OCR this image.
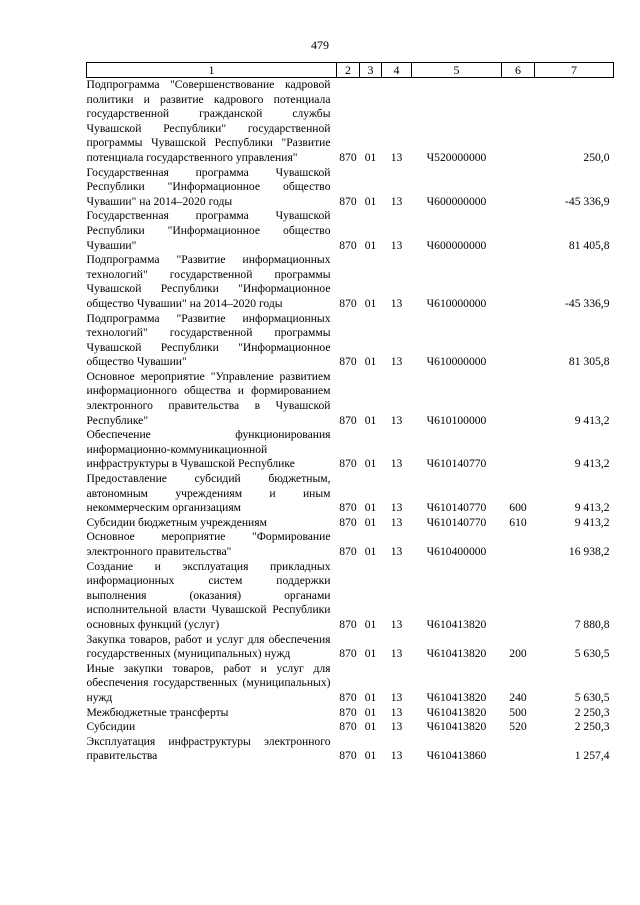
479
1	2	3	4	5	6	7
Подпрограмма "Совершенствование кадровой политики и развитие кадрового потенциала государственной гражданской службы Чувашской Республики" государственной программы Чувашской Республики "Развитие потенциала государственного управления"	870	01	13	Ч520000000		250,0
Государственная программа Чувашской Республики "Информационное общество Чувашии" на 2014–2020 годы	870	01	13	Ч600000000		-45 336,9
Государственная программа Чувашской Республики "Информационное общество Чувашии"	870	01	13	Ч600000000		81 405,8
Подпрограмма "Развитие информационных технологий" государственной программы Чувашской Республики "Информационное общество Чувашии" на 2014–2020 годы	870	01	13	Ч610000000		-45 336,9
Подпрограмма "Развитие информационных технологий" государственной программы Чувашской Республики "Информационное общество Чувашии"	870	01	13	Ч610000000		81 305,8
Основное мероприятие "Управление развитием информационного общества и формированием электронного правительства в Чувашской Республике"	870	01	13	Ч610100000		9 413,2
Обеспечение функционирования информационно-коммуникационной инфраструктуры в Чувашской Республике	870	01	13	Ч610140770		9 413,2
Предоставление субсидий бюджетным, автономным учреждениям и иным некоммерческим организациям	870	01	13	Ч610140770	600	9 413,2
Субсидии бюджетным учреждениям	870	01	13	Ч610140770	610	9 413,2
Основное мероприятие "Формирование электронного правительства"	870	01	13	Ч610400000		16 938,2
Создание и эксплуатация прикладных информационных систем поддержки выполнения (оказания) органами исполнительной власти Чувашской Республики основных функций (услуг)	870	01	13	Ч610413820		7 880,8
Закупка товаров, работ и услуг для обеспечения государственных (муниципальных) нужд	870	01	13	Ч610413820	200	5 630,5
Иные закупки товаров, работ и услуг для обеспечения государственных (муниципальных) нужд	870	01	13	Ч610413820	240	5 630,5
Межбюджетные трансферты	870	01	13	Ч610413820	500	2 250,3
Субсидии	870	01	13	Ч610413820	520	2 250,3
Эксплуатация инфраструктуры электронного правительства	870	01	13	Ч610413860		1 257,4
